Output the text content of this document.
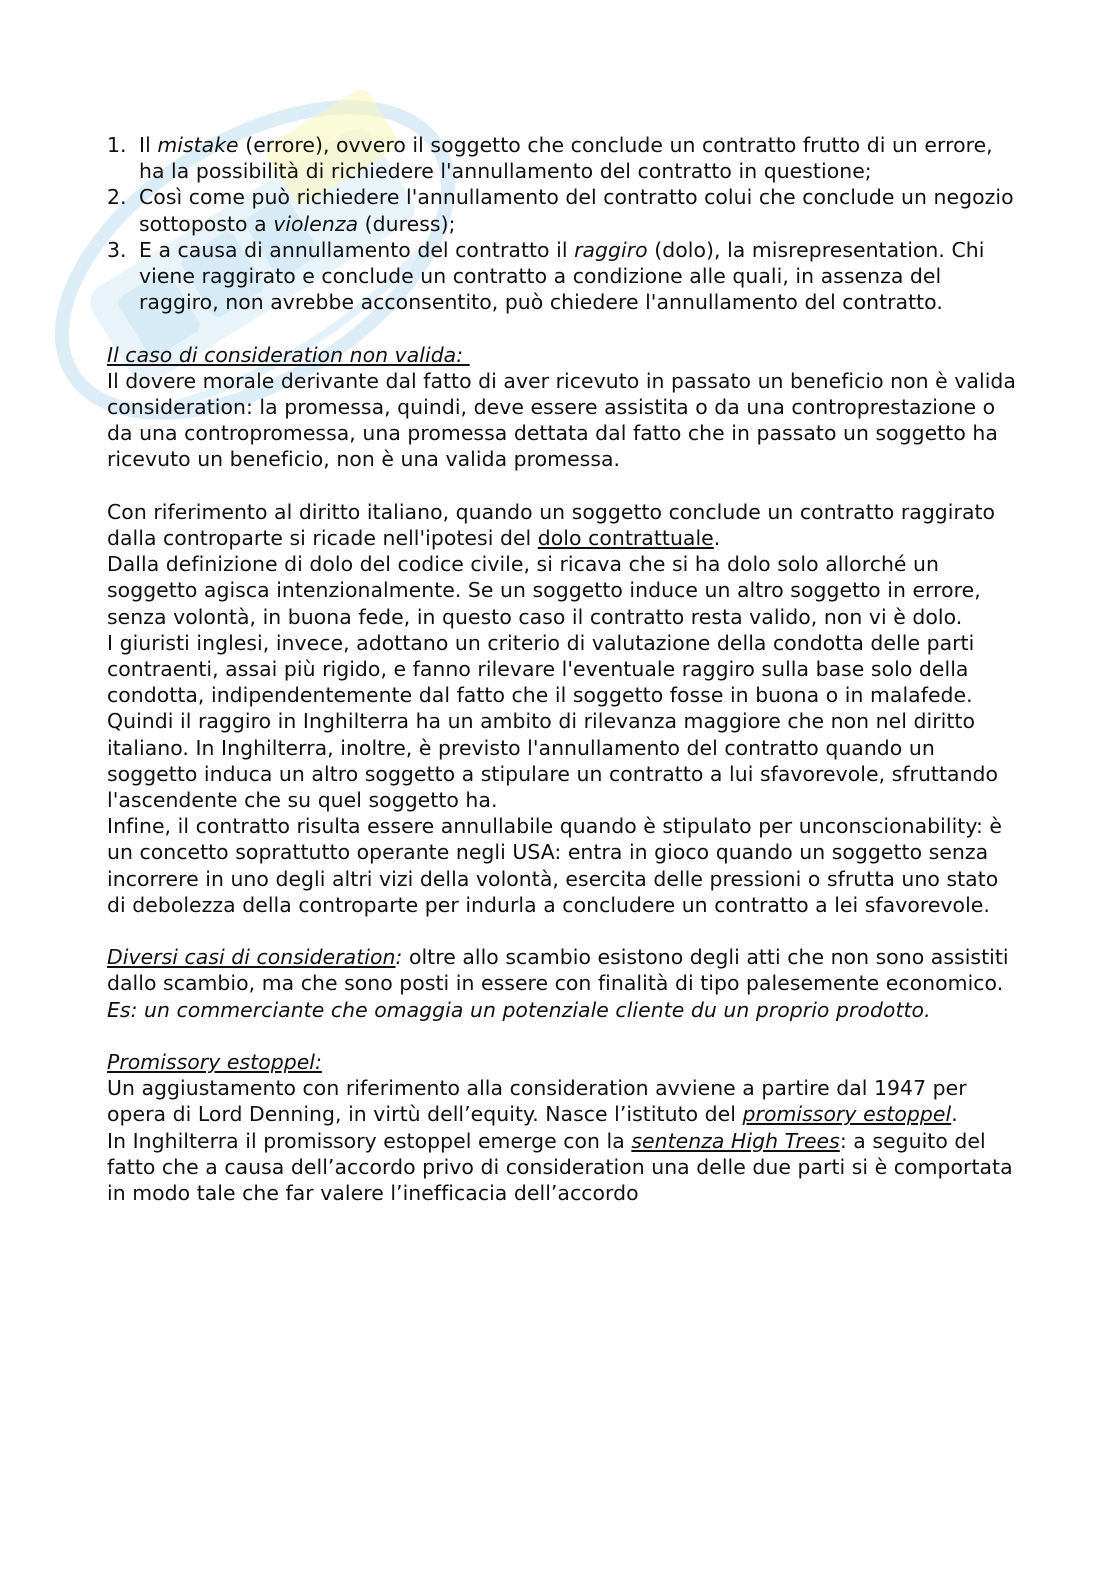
1. Il mistake (errore), ovvero il soggetto che conclude un contratto frutto di un errore, ha la possibilità di richiedere l'annullamento del contratto in questione;
2. Così come può richiedere l'annullamento del contratto colui che conclude un negozio sottoposto a violenza (duress);
3. E a causa di annullamento del contratto il raggiro (dolo), la misrepresentation. Chi viene raggirato e conclude un contratto a condizione alle quali, in assenza del raggiro, non avrebbe acconsentito, può chiedere l'annullamento del contratto.

Il caso di consideration non valida:

Il dovere morale derivante dal fatto di aver ricevuto in passato un beneficio non è valida consideration: la promessa, quindi, deve essere assistita o da una controprestazione o da una contropromessa, una promessa dettata dal fatto che in passato un soggetto ha ricevuto un beneficio, non è una valida promessa.

Con riferimento al diritto italiano, quando un soggetto conclude un contratto raggirato dalla controparte si ricade nell'ipotesi del dolo contrattuale.

Dalla definizione di dolo del codice civile, si ricava che si ha dolo solo allorché un soggetto agisca intenzionalmente. Se un soggetto induce un altro soggetto in errore, senza volontà, in buona fede, in questo caso il contratto resta valido, non vi è dolo.

I giuristi inglesi, invece, adottano un criterio di valutazione della condotta delle parti contraenti, assai più rigido, e fanno rilevare l'eventuale raggiro sulla base solo della condotta, indipendentemente dal fatto che il soggetto fosse in buona o in malafede.

Quindi il raggiro in Inghilterra ha un ambito di rilevanza maggiore che non nel diritto italiano. In Inghilterra, inoltre, è previsto l'annullamento del contratto quando un soggetto induca un altro soggetto a stipulare un contratto a lui sfavorevole, sfruttando l'ascendente che su quel soggetto ha.

Infine, il contratto risulta essere annullabile quando è stipulato per unconscionability: è un concetto soprattutto operante negli USA: entra in gioco quando un soggetto senza incorrere in uno degli altri vizi della volontà, esercita delle pressioni o sfrutta uno stato di debolezza della controparte per indurla a concludere un contratto a lei sfavorevole.

Diversi casi di consideration: oltre allo scambio esistono degli atti che non sono assistiti dallo scambio, ma che sono posti in essere con finalità di tipo palesemente economico.

Es: un commerciante che omaggia un potenziale cliente du un proprio prodotto.

Promissory estoppel:

Un aggiustamento con riferimento alla consideration avviene a partire dal 1947 per opera di Lord Denning, in virtù dell’equity. Nasce l’istituto del promissory estoppel.

In Inghilterra il promissory estoppel emerge con la sentenza High Trees: a seguito del fatto che a causa dell’accordo privo di consideration una delle due parti si è comportata in modo tale che far valere l’inefficacia dell’accordo
